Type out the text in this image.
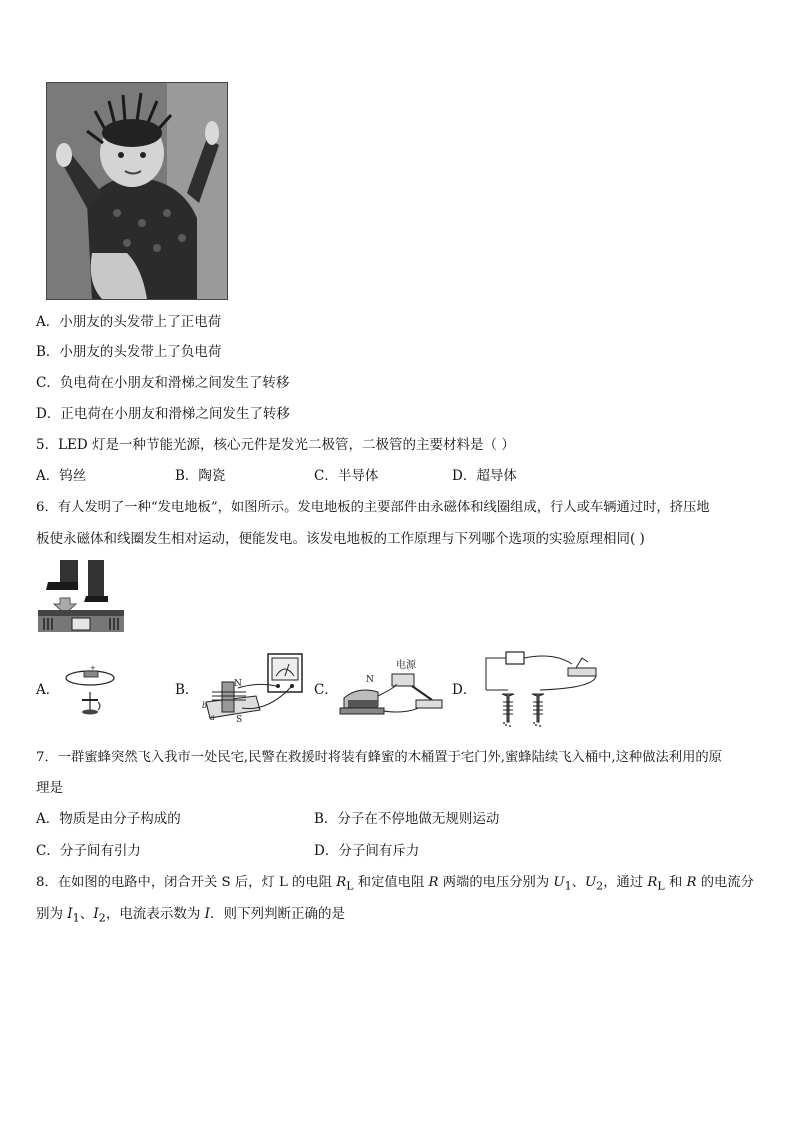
A．小朋友的头发带上了正电荷
B．小朋友的头发带上了负电荷
C．负电荷在小朋友和滑梯之间发生了转移
D．正电荷在小朋友和滑梯之间发生了转移
5．LED 灯是一种节能光源，核心元件是发光二极管，二极管的主要材料是（ ）
A．钨丝	B．陶瓷	C．半导体	D．超导体
6．有人发明了一种“发电地板”，如图所示。发电地板的主要部件由永磁体和线圈组成，行人或车辆通过时，挤压地
板使永磁体和线圈发生相对运动，便能发电。该发电地板的工作原理与下列哪个选项的实验原理相同( )
A．
+
B．	N
S
a
b
C．
电源
N
D．
7．一群蜜蜂突然飞入我市一处民宅,民警在救援时将装有蜂蜜的木桶置于宅门外,蜜蜂陆续飞入桶中,这种做法利用的原
理是
A．物质是由分子构成的	B．分子在不停地做无规则运动
C．分子间有引力	D．分子间有斥力
8．在如图的电路中，闭合开关 S 后，灯 L 的电阻 $R_L$ 和定值电阻 R 两端的电压分别为 $U_1$、$U_2$，通过 $R_L$ 和 R 的电流分
别为 $I_1$、$I_2$，电流表示数为 I．则下列判断正确的是
